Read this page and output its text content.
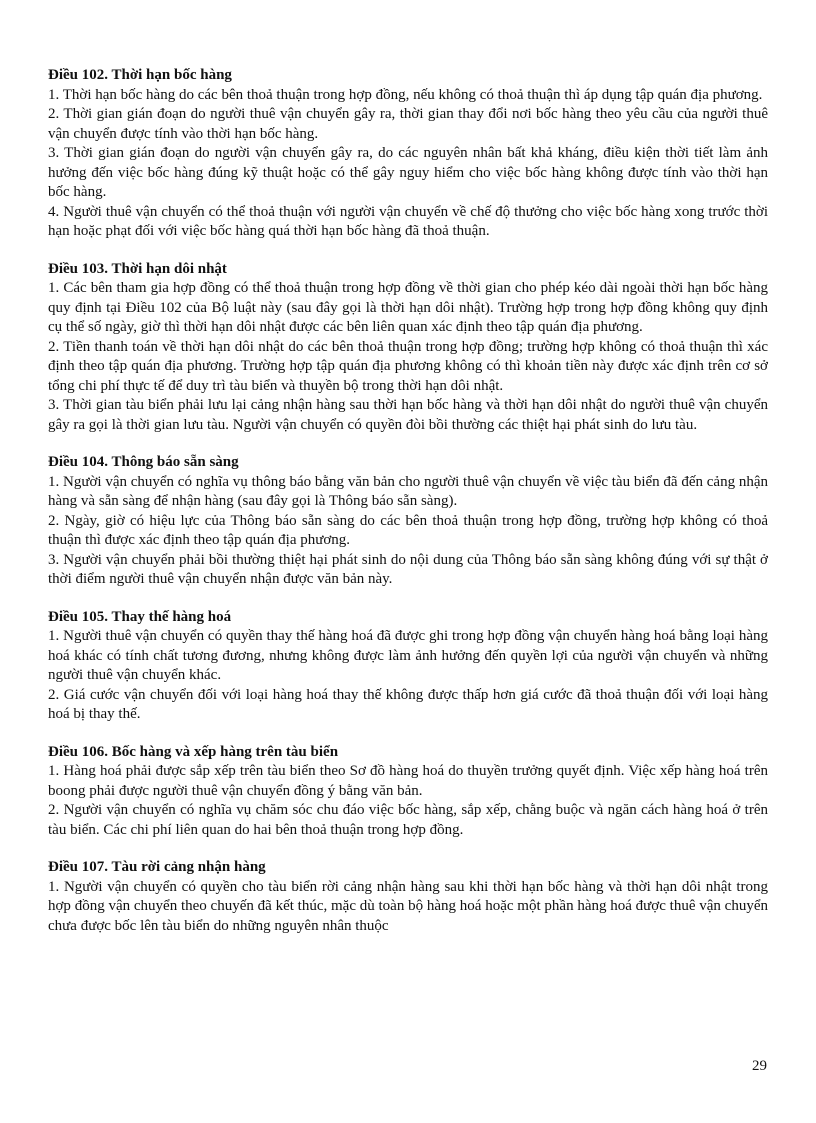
Điều 102. Thời hạn bốc hàng

1. Thời hạn bốc hàng do các bên thoả thuận trong hợp đồng, nếu không có thoả thuận thì áp dụng tập quán địa phương.

2. Thời gian gián đoạn do người thuê vận chuyển gây ra, thời gian thay đổi nơi bốc hàng theo yêu cầu của người thuê vận chuyển được tính vào thời hạn bốc hàng.

3. Thời gian gián đoạn do người vận chuyển gây ra, do các nguyên nhân bất khả kháng, điều kiện thời tiết làm ảnh hưởng đến việc bốc hàng đúng kỹ thuật hoặc có thể gây nguy hiểm cho việc bốc hàng không được tính vào thời hạn bốc hàng.

4. Người thuê vận chuyển có thể thoả thuận với người vận chuyển về chế độ thưởng cho việc bốc hàng xong trước thời hạn hoặc phạt đối với việc bốc hàng quá thời hạn bốc hàng đã thoả thuận.

Điều 103. Thời hạn dôi nhật

1. Các bên tham gia hợp đồng có thể thoả thuận trong hợp đồng về thời gian cho phép kéo dài ngoài thời hạn bốc hàng quy định tại Điều 102 của Bộ luật này (sau đây gọi là thời hạn dôi nhật). Trường hợp trong hợp đồng không quy định cụ thể số ngày, giờ thì thời hạn dôi nhật được các bên liên quan xác định theo tập quán địa phương.

2. Tiền thanh toán về thời hạn dôi nhật do các bên thoả thuận trong hợp đồng; trường hợp không có thoả thuận thì xác định theo tập quán địa phương. Trường hợp tập quán địa phương không có thì khoản tiền này được xác định trên cơ sở tổng chi phí thực tế để duy trì tàu biển và thuyền bộ trong thời hạn dôi nhật.

3. Thời gian tàu biển phải lưu lại cảng nhận hàng sau thời hạn bốc hàng và thời hạn dôi nhật do người thuê vận chuyển gây ra gọi là thời gian lưu tàu. Người vận chuyển có quyền đòi bồi thường các thiệt hại phát sinh do lưu tàu.

Điều 104. Thông báo sẵn sàng

1. Người vận chuyển có nghĩa vụ thông báo bằng văn bản cho người thuê vận chuyển về việc tàu biển đã đến cảng nhận hàng và sẵn sàng để nhận hàng (sau đây gọi là Thông báo sẵn sàng).

2. Ngày, giờ có hiệu lực của Thông báo sẵn sàng do các bên thoả thuận trong hợp đồng, trường hợp không có thoả thuận thì được xác định theo tập quán địa phương.

3. Người vận chuyển phải bồi thường thiệt hại phát sinh do nội dung của Thông báo sẵn sàng không đúng với sự thật ở thời điểm người thuê vận chuyển nhận được văn bản này.

Điều 105. Thay thế hàng hoá

1. Người thuê vận chuyển có quyền thay thế hàng hoá đã được ghi trong hợp đồng vận chuyển hàng hoá bằng loại hàng hoá khác có tính chất tương đương, nhưng không được làm ảnh hưởng đến quyền lợi của người vận chuyển và những người thuê vận chuyển khác.

2. Giá cước vận chuyển đối với loại hàng hoá thay thế không được thấp hơn giá cước đã thoả thuận đối với loại hàng hoá bị thay thế.

Điều 106. Bốc hàng và xếp hàng trên tàu biển

1. Hàng hoá phải được sắp xếp trên tàu biển theo Sơ đồ hàng hoá do thuyền trưởng quyết định. Việc xếp hàng hoá trên boong phải được người thuê vận chuyển đồng ý bằng văn bản.

2. Người vận chuyển có nghĩa vụ chăm sóc chu đáo việc bốc hàng, sắp xếp, chằng buộc và ngăn cách hàng hoá ở trên tàu biển. Các chi phí liên quan do hai bên thoả thuận trong hợp đồng.

Điều 107. Tàu rời cảng nhận hàng

1. Người vận chuyển có quyền cho tàu biển rời cảng nhận hàng sau khi thời hạn bốc hàng và thời hạn dôi nhật trong hợp đồng vận chuyển theo chuyến đã kết thúc, mặc dù toàn bộ hàng hoá hoặc một phần hàng hoá được thuê vận chuyển chưa được bốc lên tàu biển do những nguyên nhân thuộc

29
